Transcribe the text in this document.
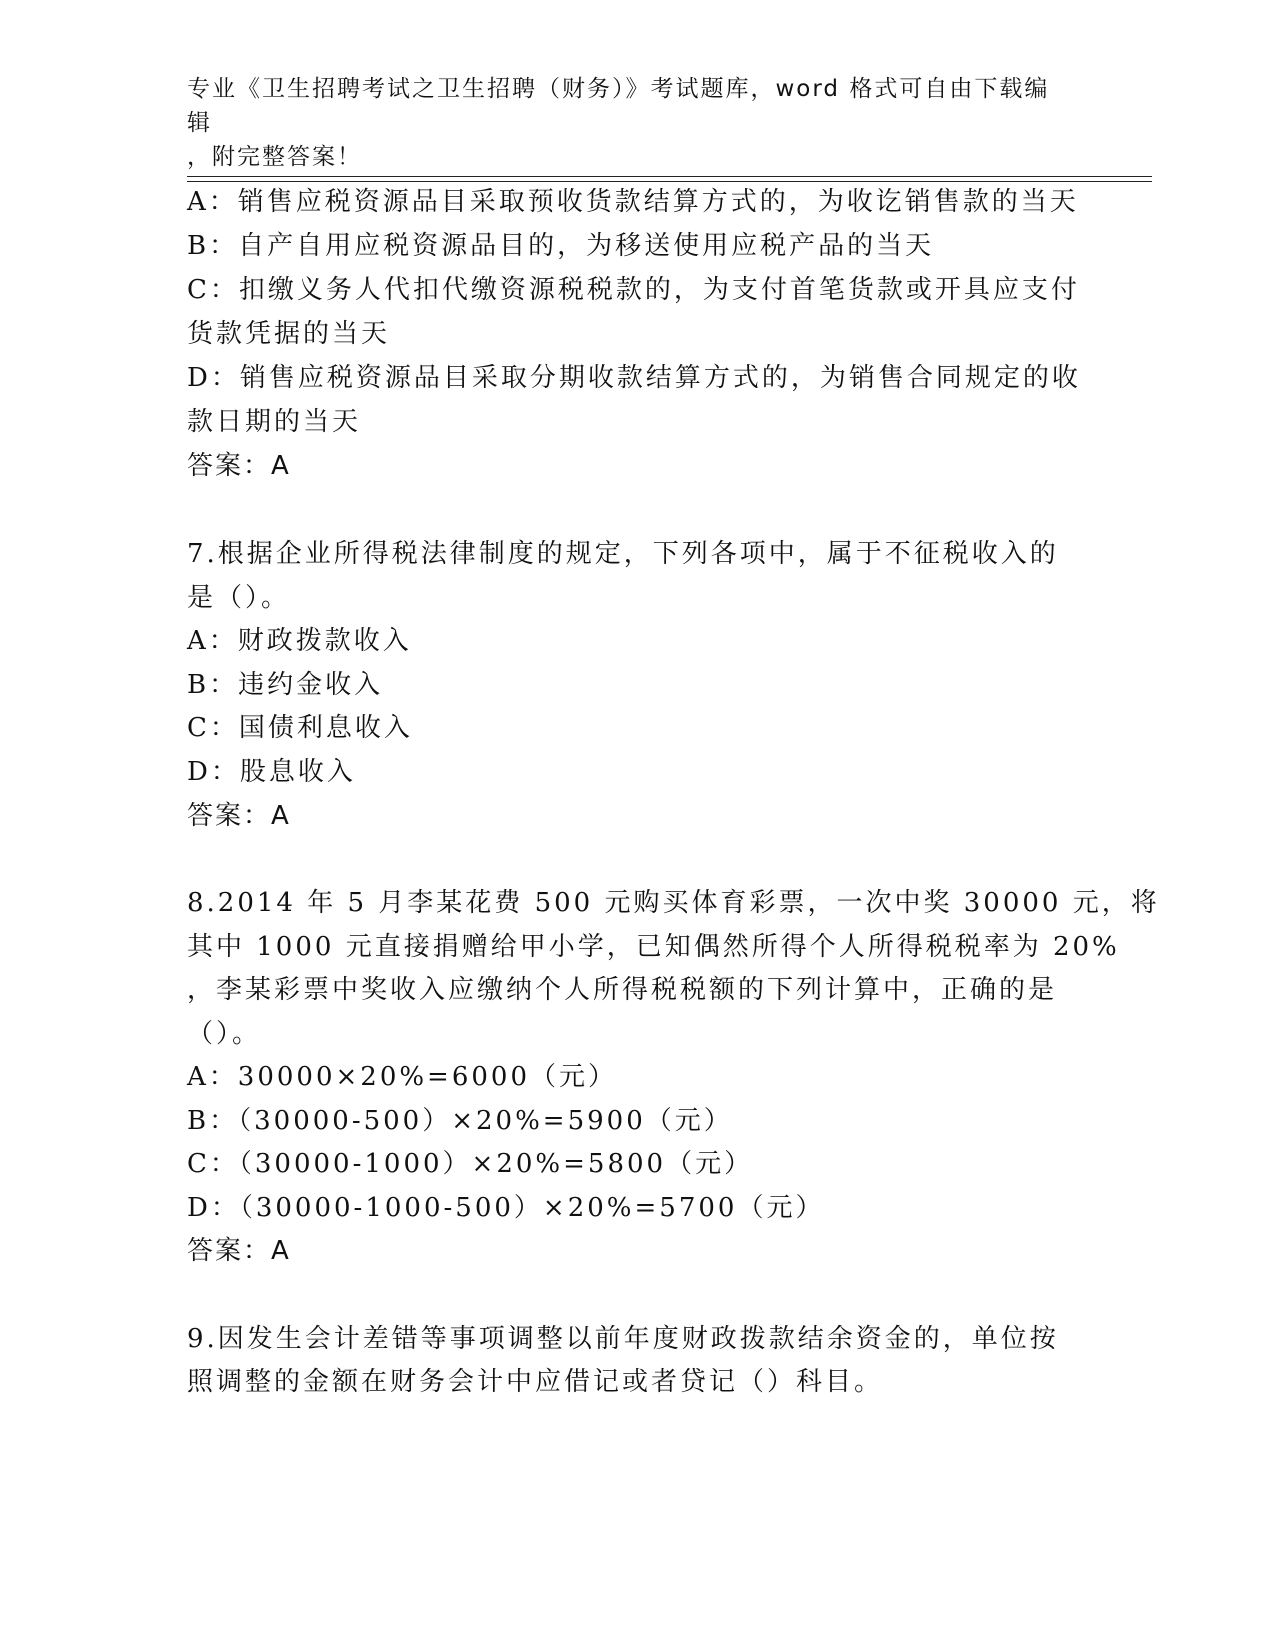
专业《卫生招聘考试之卫生招聘（财务）》考试题库，word 格式可自由下载编辑
，附完整答案！
A：销售应税资源品目采取预收货款结算方式的，为收讫销售款的当天
B：自产自用应税资源品目的，为移送使用应税产品的当天
C：扣缴义务人代扣代缴资源税税款的，为支付首笔货款或开具应支付
货款凭据的当天
D：销售应税资源品目采取分期收款结算方式的，为销售合同规定的收
款日期的当天
答案：A
7.根据企业所得税法律制度的规定，下列各项中，属于不征税收入的
是（）。
A：财政拨款收入
B：违约金收入
C：国债利息收入
D：股息收入
答案：A
8.2014 年 5 月李某花费 500 元购买体育彩票，一次中奖 30000 元，将
其中 1000 元直接捐赠给甲小学，已知偶然所得个人所得税税率为 20%
，李某彩票中奖收入应缴纳个人所得税税额的下列计算中，正确的是
（）。
A：30000×20%=6000（元）
B：（30000-500）×20%=5900（元）
C：（30000-1000）×20%=5800（元）
D：（30000-1000-500）×20%=5700（元）
答案：A
9.因发生会计差错等事项调整以前年度财政拨款结余资金的，单位按
照调整的金额在财务会计中应借记或者贷记（）科目。
